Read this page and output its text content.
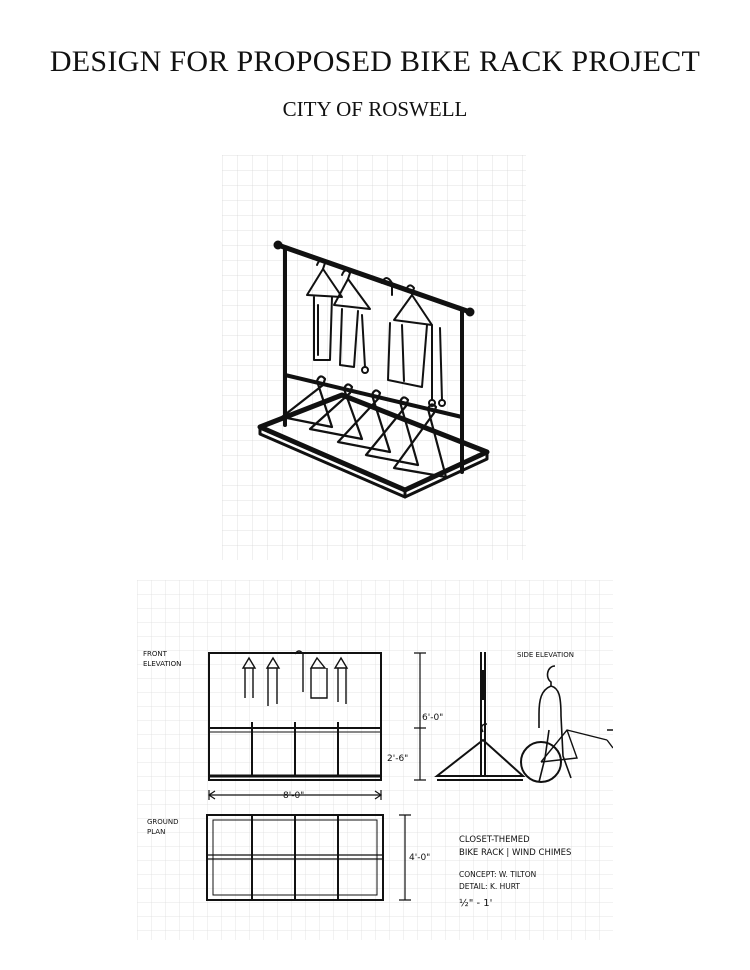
DESIGN FOR PROPOSED BIKE RACK PROJECT
CITY OF ROSWELL
FRONT
ELEVATION
8'-0"
6'-0"
2'-6"
SIDE ELEVATION
GROUND
PLAN
4'-0"
CLOSET-THEMED
BIKE RACK | WIND CHIMES
CONCEPT: W. TILTON
DETAIL: K. HURT
½" - 1'
